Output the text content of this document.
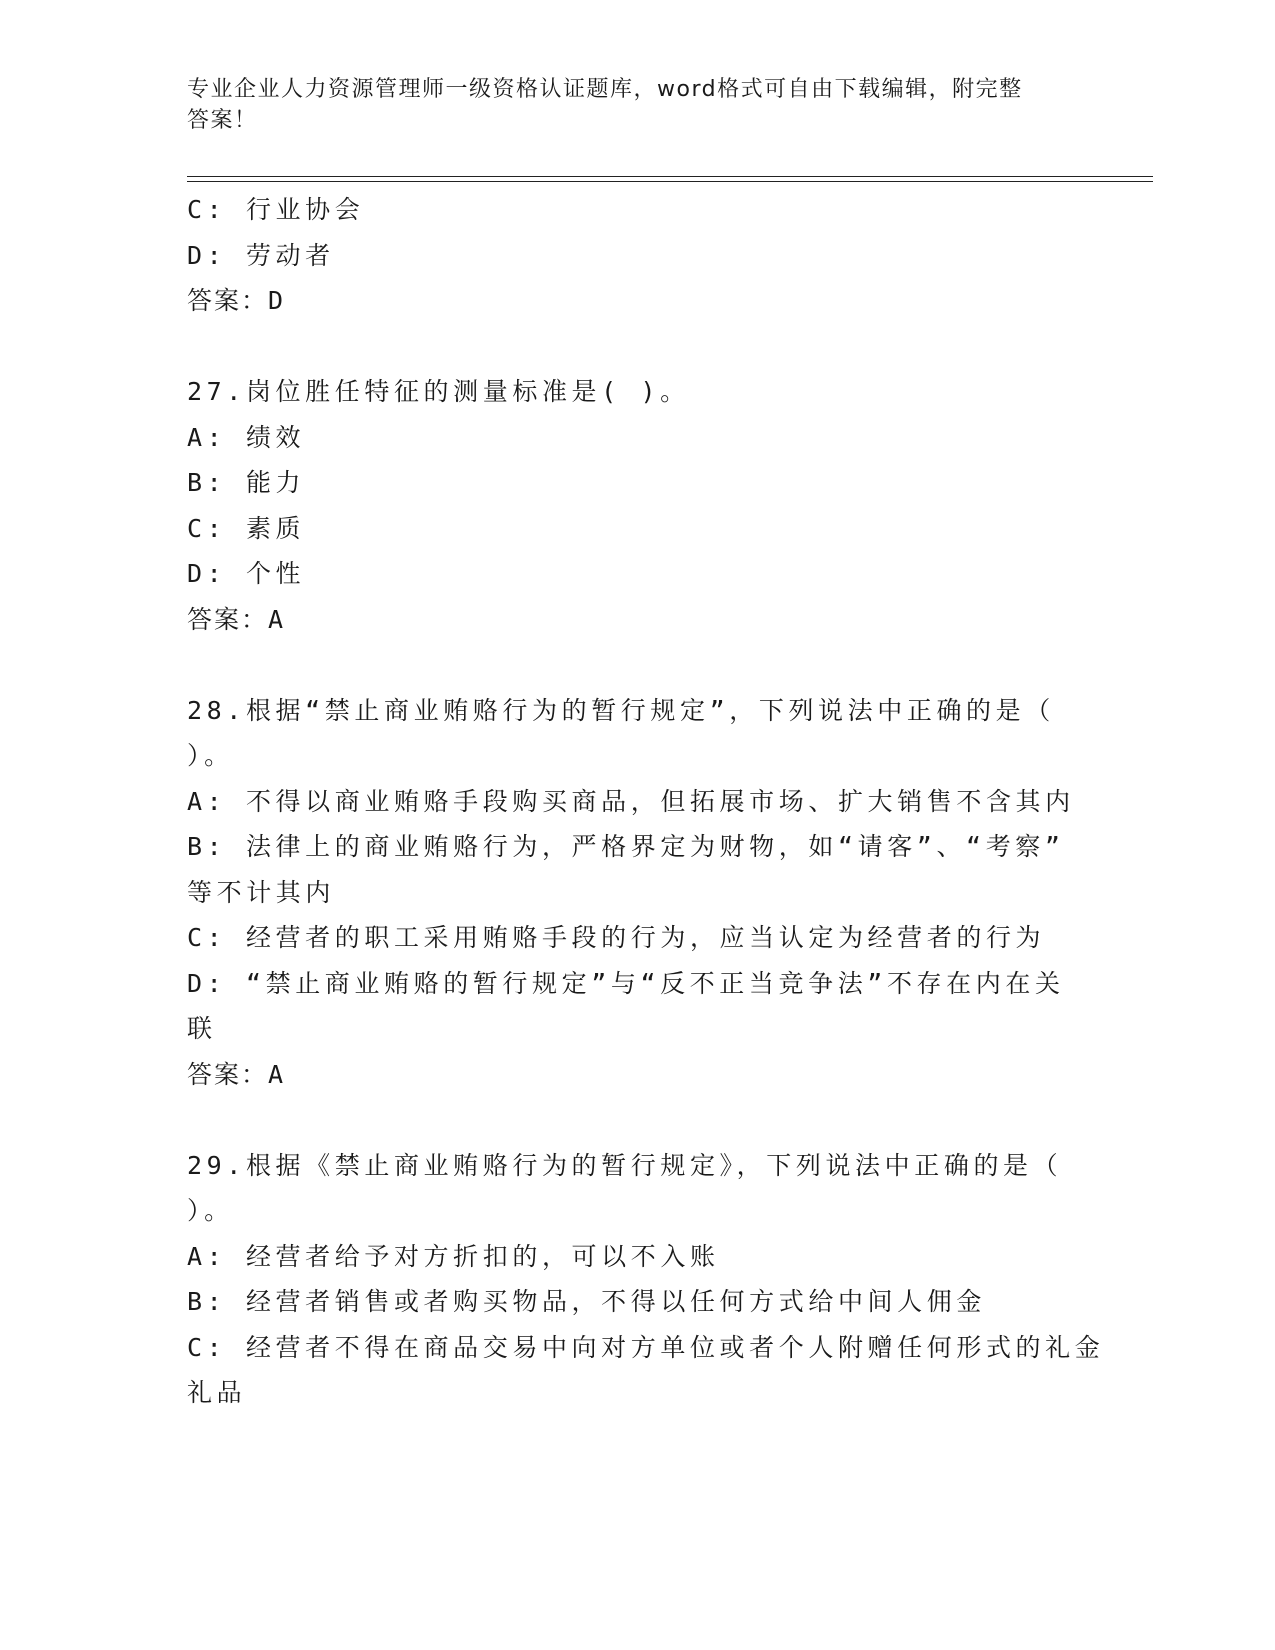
专业企业人力资源管理师一级资格认证题库，word格式可自由下载编辑，附完整
答案！
C: 行业协会
D: 劳动者
答案：D
27.岗位胜任特征的测量标准是( )。
A: 绩效
B: 能力
C: 素质
D: 个性
答案：A
28.根据“禁止商业贿赂行为的暂行规定”，下列说法中正确的是（
）。
A: 不得以商业贿赂手段购买商品，但拓展市场、扩大销售不含其内
B: 法律上的商业贿赂行为，严格界定为财物，如“请客”、“考察”
等不计其内
C: 经营者的职工采用贿赂手段的行为，应当认定为经营者的行为
D: “禁止商业贿赂的暂行规定”与“反不正当竞争法”不存在内在关
联
答案：A
29.根据《禁止商业贿赂行为的暂行规定》，下列说法中正确的是（
）。
A: 经营者给予对方折扣的，可以不入账
B: 经营者销售或者购买物品，不得以任何方式给中间人佣金
C: 经营者不得在商品交易中向对方单位或者个人附赠任何形式的礼金
礼品
